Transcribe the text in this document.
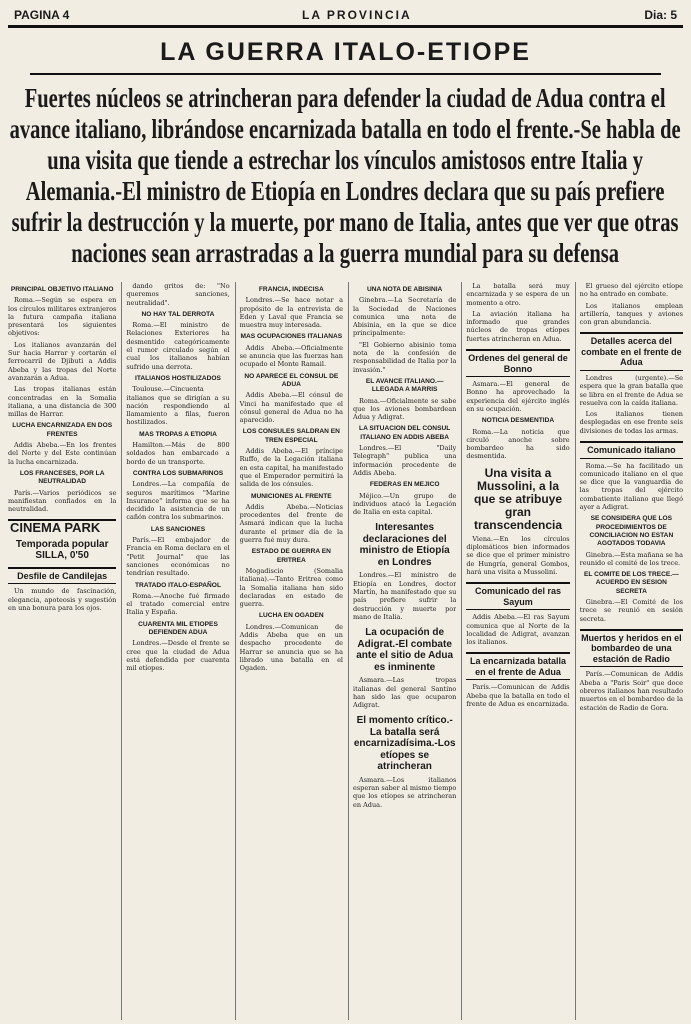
PAGINA 4	LA PROVINCIA	Dia: 5
LA GUERRA ITALO-ETIOPE
Fuertes núcleos se atrincheran para defender la ciudad de Adua contra el avance italiano, librándose encarnizada batalla en todo el frente.-Se habla de una visita que tiende a estrechar los vínculos amistosos entre Italia y Alemania.-El ministro de Etiopía en Londres declara que su país prefiere sufrir la destrucción y la muerte, por mano de Italia, antes que ver que otras naciones sean arrastradas a la guerra mundial para su defensa
PRINCIPAL OBJETIVO ITALIANO

Roma.—Según se espera en los círculos militares extranjeros la futura campaña italiana presentará los siguientes objetivos:

Los italianos avanzarán del Sur hacia Harrar y cortarán el ferrocarril de Djibuti a Addis Abeba y las tropas del Norte avanzarán a Adua.

Las tropas italianas están concentradas en la Somalia italiana, a una distancia de 300 millas de Harrar.

LUCHA ENCARNIZADA EN DOS FRENTES

Addis Abeba.—En los frentes del Norte y del Este continúan la lucha encarnizada.

LOS FRANCESES, POR LA NEUTRALIDAD

París.—Varios periódicos se manifiestan confiados en la neutralidad.

CINEMA PARK
Temporada popular SILLA, 0'50
Desfile de Candilejas

Un mundo de fascinación, elegancia, apoteosis y sugestión en una bonura para los ojos.

dando gritos de: "No queremos sanciones, neutralidad".

NO HAY TAL DERROTA

Roma.—El ministro de Relaciones Exteriores ha desmentido categóricamente el rumor circulado según el cual los italianos habían sufrido una derrota.

ITALIANOS HOSTILIZADOS

Toulouse.—Cincuenta italianos que se dirigían a su nación respondiendo al llamamiento a filas, fueron hostilizados.

MAS TROPAS A ETIOPIA

Hamilton.—Más de 800 soldados han embarcado a bordo de un transporte.

CONTRA LOS SUBMARINOS

Londres.—La compañía de seguros marítimos "Marine Insurance" informa que se ha decidido la asistencia de un cañón contra los submarinos.

LAS SANCIONES

París.—El embajador de Francia en Roma declara en el "Petit Journal" que las sanciones económicas no tendrían resultado.

TRATADO ITALO-ESPAÑOL

Roma.—Anoche fué firmado el tratado comercial entre Italia y España.

CUARENTA MIL ETIOPES DEFIENDEN ADUA

Londres.—Desde el frente se cree que la ciudad de Adua está defendida por cuarenta mil etíopes.

FRANCIA, INDECISA

Londres.—Se hace notar a propósito de la entrevista de Eden y Laval que Francia se muestra muy interesada.

MAS OCUPACIONES ITALIANAS

Addis Abeba.—Oficialmente se anuncia que las fuerzas han ocupado el Monte Ramail.

NO APARECE EL CONSUL DE ADUA

Addis Abeba.—El cónsul de Vinci ha manifestado que el cónsul general de Adua no ha aparecido.

LOS CONSULES SALDRAN EN TREN ESPECIAL

Addis Abeba.—El príncipe Ruffo, de la Legación italiana en esta capital, ha manifestado que el Emperador permitirá la salida de los cónsules.

MUNICIONES AL FRENTE

Addis Abeba.—Noticias procedentes del frente de Asmará indican que la lucha durante el primer día de la guerra fué muy dura.

ESTADO DE GUERRA EN ERITREA

Mogadiscio (Somalia italiana).—Tanto Eritrea como la Somalia italiana han sido declaradas en estado de guerra.

LUCHA EN OGADEN

Londres.—Comunican de Addis Abeba que en un despacho procedente de Harrar se anuncia que se ha librado una batalla en el Ogaden.

UNA NOTA DE ABISINIA

Ginebra.—La Secretaría de la Sociedad de Naciones comunica una nota de Abisinia, en la que se dice principalmente:

"El Gobierno abisinio toma nota de la confesión de responsabilidad de Italia por la invasión."

EL AVANCE ITALIANO.—LLEGADA A MARRIS

Roma.—Oficialmente se sabe que los aviones bombardean Adua y Adigrat.

LA SITUACION DEL CONSUL ITALIANO EN ADDIS ABEBA

Londres.—El "Daily Telegraph" publica una información procedente de Addis Abeba.

FEDERAS EN MEJICO

Méjico.—Un grupo de individuos atacó la Legación de Italia en esta capital.

Interesantes declaraciones del ministro de Etiopía en Londres

Londres.—El ministro de Etiopía en Londres, doctor Martín, ha manifestado que su país prefiere sufrir la destrucción y muerte por mano de Italia.

La ocupación de Adigrat.-El combate ante el sitio de Adua es inminente

Asmara.—Las tropas italianas del general Santino han sido las que ocuparon Adigrat.

El momento crítico.-La batalla será encarnizadísima.-Los etíopes se atrincheran

Asmara.—Los italianos esperan saber al mismo tiempo que los etíopes se atrincheran en Adua.

La batalla será muy encarnizada y se espera de un momento a otro.

La aviación italiana ha informado que grandes núcleos de tropas etíopes fuertes atrincheran en Adua.

Ordenes del general de Bonno

Asmara.—El general de Bonno ha aprovechado la experiencia del ejército inglés en su ocupación.

NOTICIA DESMENTIDA

Roma.—La noticia que circuló anoche sobre bombardeo ha sido desmentida.

Una visita a Mussolini, a la que se atribuye gran transcendencia

Viena.—En los círculos diplomáticos bien informados se dice que el primer ministro de Hungría, general Gombos, hará una visita a Mussolini.

Comunicado del ras Sayum

Addis Abeba.—El ras Sayum comunica que al Norte de la localidad de Adigrat, avanzan los italianos.

La encarnizada batalla en el frente de Adua

París.—Comunican de Addis Abeba que la batalla en todo el frente de Adua es encarnizada.

El grueso del ejército etíope no ha entrado en combate.

Los italianos emplean artillería, tanques y aviones con gran abundancia.

Detalles acerca del combate en el frente de Adua

Londres (urgente).—Se espera que la gran batalla que se libra en el frente de Adua se resuelva con la caída italiana.

Los italianos tienen desplegadas en ese frente seis divisiones de todas las armas.

Comunicado italiano

Roma.—Se ha facilitado un comunicado italiano en el que se dice que la vanguardia de las tropas del ejército combatiente italiano que llegó ayer a Adigrat.

SE CONSIDERA QUE LOS PROCEDIMIENTOS DE CONCILIACION NO ESTAN AGOTADOS TODAVIA

Ginebra.—Esta mañana se ha reunido el comité de los trece.

EL COMITE DE LOS TRECE.—ACUERDO EN SESION SECRETA

Ginebra.—El Comité de los trece se reunió en sesión secreta.

Muertos y heridos en el bombardeo de una estación de Radio

París.—Comunican de Addis Abeba a "Paris Soir" que doce obreros italianos han resultado muertos en el bombardeo de la estación de Radio de Gora.
